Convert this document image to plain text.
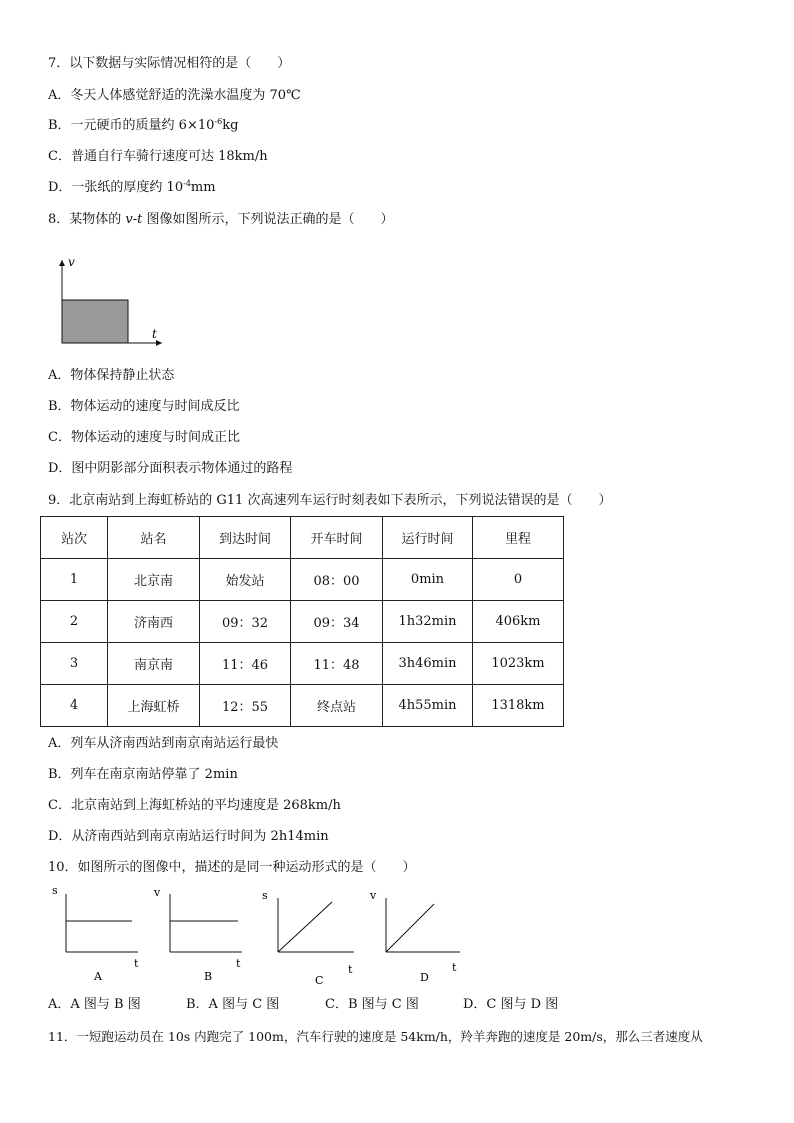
7．以下数据与实际情况相符的是（　　）
A．冬天人体感觉舒适的洗澡水温度为 70℃
B．一元硬币的质量约 $6\times 10^{-6}kg$
C．普通自行车骑行速度可达 18km/h
D．一张纸的厚度约 $10^{-4}mm$
8．某物体的 v-t 图像如图所示，下列说法正确的是（　　）
v
t
A．物体保持静止状态
B．物体运动的速度与时间成反比
C．物体运动的速度与时间成正比
D．图中阴影部分面积表示物体通过的路程
9．北京南站到上海虹桥站的 G11 次高速列车运行时刻表如下表所示，下列说法错误的是（　　）
站次	站名	到达时间	开车时间	运行时间	里程
1	北京南	始发站	08：00	0min	0
2	济南西	09：32	09：34	1h32min	406km
3	南京南	11：46	11：48	3h46min	1023km
4	上海虹桥	12：55	终点站	4h55min	1318km
A．列车从济南西站到南京南站运行最快
B．列车在南京南站停靠了 2min
C．北京南站到上海虹桥站的平均速度是 268km/h
D．从济南西站到南京南站运行时间为 2h14min
10．如图所示的图像中，描述的是同一种运动形式的是（　　）
s
t
A
v
t
B
s
t
C
v
t
D
A．A 图与 B 图	B．A 图与 C 图	C．B 图与 C 图	D．C 图与 D 图
11．一短跑运动员在 10s 内跑完了 100m，汽车行驶的速度是 54km/h，羚羊奔跑的速度是 20m/s，那么三者速度从
